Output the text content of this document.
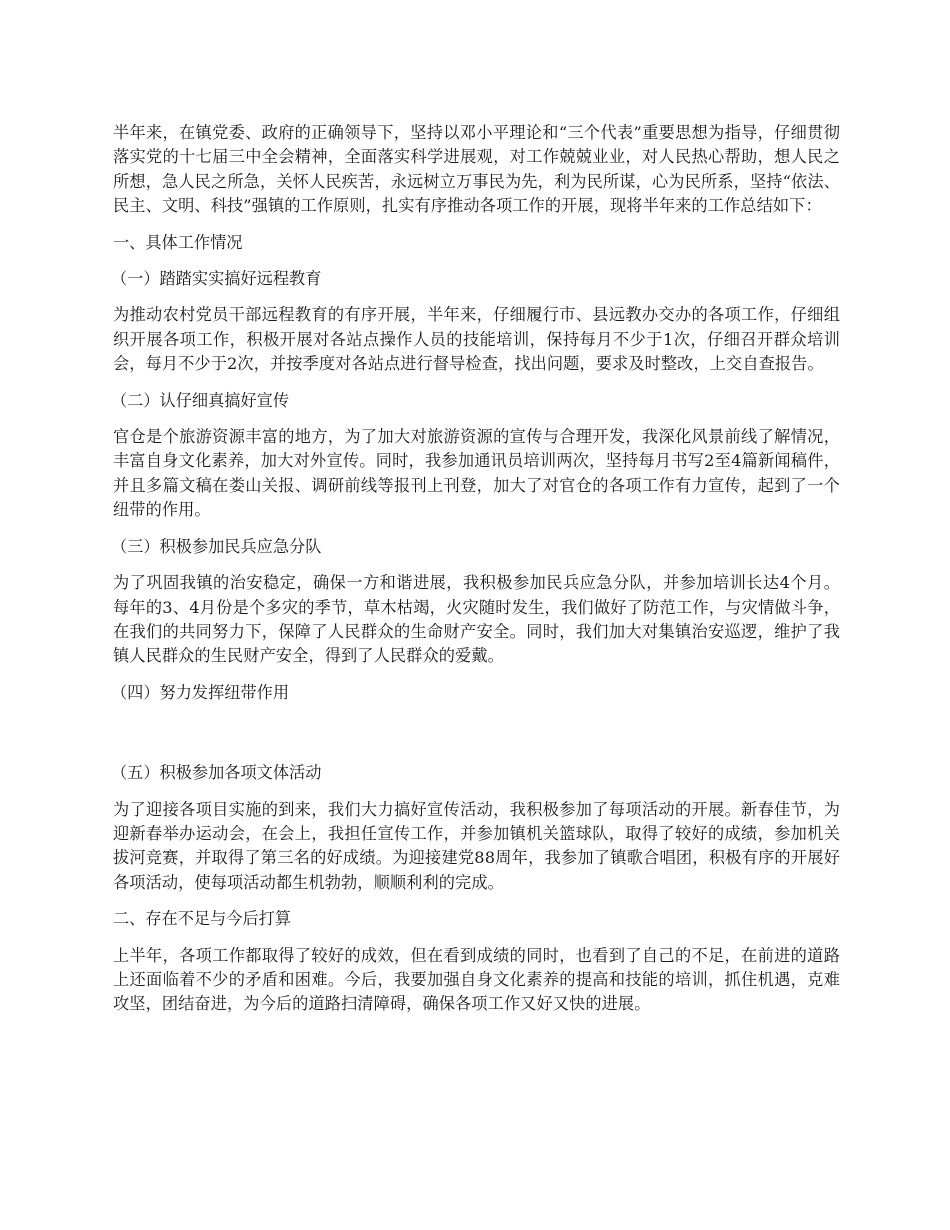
半年来，在镇党委、政府的正确领导下，坚持以邓小平理论和“三个代表”重要思想为指导，仔细贯彻落实党的十七届三中全会精神，全面落实科学进展观，对工作兢兢业业，对人民热心帮助，想人民之所想，急人民之所急，关怀人民疾苦，永远树立万事民为先，利为民所谋，心为民所系，坚持“依法、民主、文明、科技”强镇的工作原则，扎实有序推动各项工作的开展，现将半年来的工作总结如下：

一、具体工作情况

（一）踏踏实实搞好远程教育

为推动农村党员干部远程教育的有序开展，半年来，仔细履行市、县远教办交办的各项工作，仔细组织开展各项工作，积极开展对各站点操作人员的技能培训，保持每月不少于1次，仔细召开群众培训会，每月不少于2次，并按季度对各站点进行督导检查，找出问题，要求及时整改，上交自查报告。

（二）认仔细真搞好宣传

官仓是个旅游资源丰富的地方，为了加大对旅游资源的宣传与合理开发，我深化风景前线了解情况，丰富自身文化素养，加大对外宣传。同时，我参加通讯员培训两次，坚持每月书写2至4篇新闻稿件，并且多篇文稿在娄山关报、调研前线等报刊上刊登，加大了对官仓的各项工作有力宣传，起到了一个纽带的作用。

（三）积极参加民兵应急分队

为了巩固我镇的治安稳定，确保一方和谐进展，我积极参加民兵应急分队，并参加培训长达4个月。每年的3、4月份是个多灾的季节，草木枯竭，火灾随时发生，我们做好了防范工作，与灾情做斗争，在我们的共同努力下，保障了人民群众的生命财产安全。同时，我们加大对集镇治安巡逻，维护了我镇人民群众的生民财产安全，得到了人民群众的爱戴。

（四）努力发挥纽带作用

（五）积极参加各项文体活动

为了迎接各项目实施的到来，我们大力搞好宣传活动，我积极参加了每项活动的开展。新春佳节，为迎新春举办运动会，在会上，我担任宣传工作，并参加镇机关篮球队，取得了较好的成绩，参加机关拔河竞赛，并取得了第三名的好成绩。为迎接建党88周年，我参加了镇歌合唱团，积极有序的开展好各项活动，使每项活动都生机勃勃，顺顺利利的完成。

二、存在不足与今后打算

上半年，各项工作都取得了较好的成效，但在看到成绩的同时，也看到了自己的不足，在前进的道路上还面临着不少的矛盾和困难。今后，我要加强自身文化素养的提高和技能的培训，抓住机遇，克难攻坚，团结奋进，为今后的道路扫清障碍，确保各项工作又好又快的进展。
